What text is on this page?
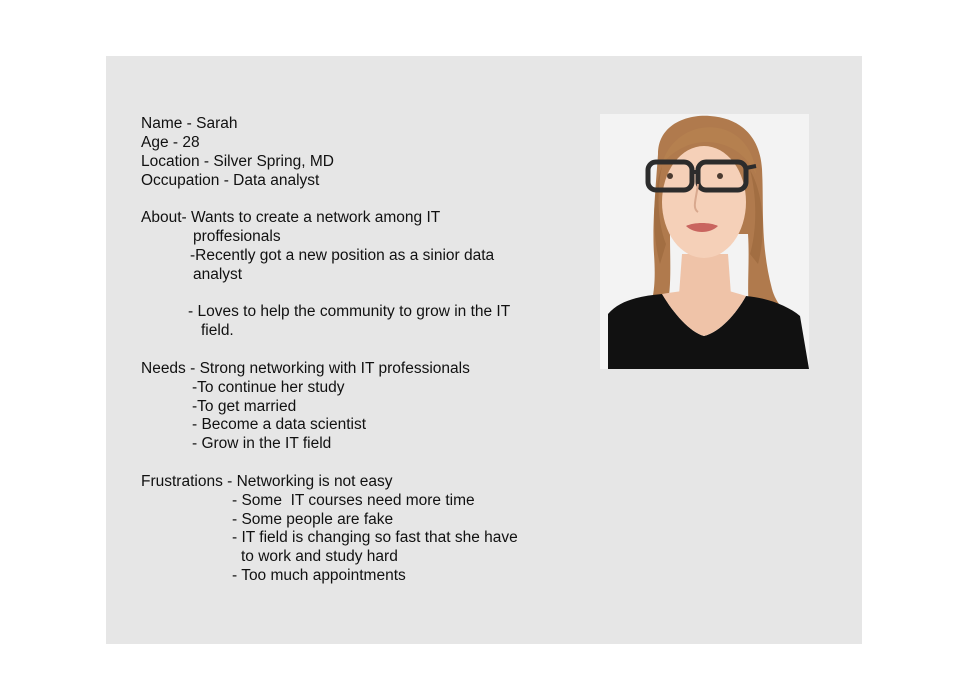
Name - Sarah

Age - 28

Location - Silver Spring, MD

Occupation - Data analyst

About- Wants to create a network among IT

proffesionals

-Recently got a new position as a sinior data

analyst

- Loves to help the community to grow in the IT

field.

Needs - Strong networking with IT professionals

-To continue her study

-To get married

- Become a data scientist

- Grow in the IT field

Frustrations - Networking is not easy

- Some  IT courses need more time

- Some people are fake

- IT field is changing so fast that she have

to work and study hard

- Too much appointments
